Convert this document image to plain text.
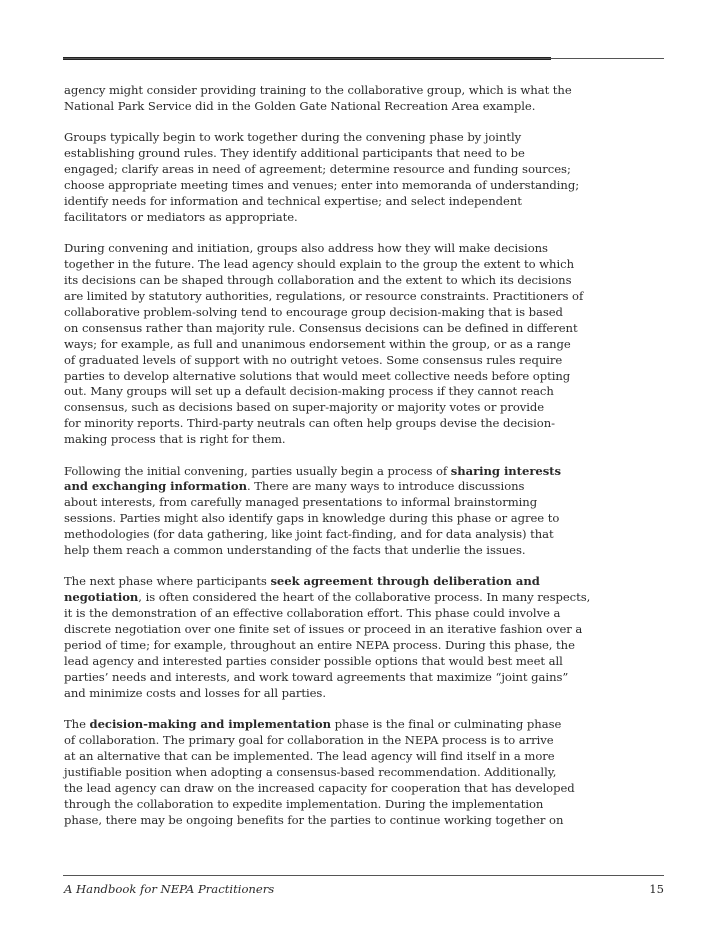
agency might consider providing training to the collaborative group, which is what the
National Park Service did in the Golden Gate National Recreation Area example.

Groups typically begin to work together during the convening phase by jointly
establishing ground rules. They identify additional participants that need to be
engaged; clarify areas in need of agreement; determine resource and funding sources;
choose appropriate meeting times and venues; enter into memoranda of understanding;
identify needs for information and technical expertise; and select independent
facilitators or mediators as appropriate.

During convening and initiation, groups also address how they will make decisions
together in the future. The lead agency should explain to the group the extent to which
its decisions can be shaped through collaboration and the extent to which its decisions
are limited by statutory authorities, regulations, or resource constraints. Practitioners of
collaborative problem-solving tend to encourage group decision-making that is based
on consensus rather than majority rule. Consensus decisions can be defined in different
ways; for example, as full and unanimous endorsement within the group, or as a range
of graduated levels of support with no outright vetoes. Some consensus rules require
parties to develop alternative solutions that would meet collective needs before opting
out. Many groups will set up a default decision-making process if they cannot reach
consensus, such as decisions based on super-majority or majority votes or provide
for minority reports. Third-party neutrals can often help groups devise the decision-
making process that is right for them.

Following the initial convening, parties usually begin a process of sharing interests
and exchanging information. There are many ways to introduce discussions
about interests, from carefully managed presentations to informal brainstorming
sessions. Parties might also identify gaps in knowledge during this phase or agree to
methodologies (for data gathering, like joint fact-finding, and for data analysis) that
help them reach a common understanding of the facts that underlie the issues.

The next phase where participants seek agreement through deliberation and
negotiation, is often considered the heart of the collaborative process. In many respects,
it is the demonstration of an effective collaboration effort. This phase could involve a
discrete negotiation over one finite set of issues or proceed in an iterative fashion over a
period of time; for example, throughout an entire NEPA process. During this phase, the
lead agency and interested parties consider possible options that would best meet all
parties’ needs and interests, and work toward agreements that maximize “joint gains”
and minimize costs and losses for all parties.

The decision-making and implementation phase is the final or culminating phase
of collaboration. The primary goal for collaboration in the NEPA process is to arrive
at an alternative that can be implemented. The lead agency will find itself in a more
justifiable position when adopting a consensus-based recommendation. Additionally,
the lead agency can draw on the increased capacity for cooperation that has developed
through the collaboration to expedite implementation. During the implementation
phase, there may be ongoing benefits for the parties to continue working together on

A Handbook for NEPA Practitioners	15
